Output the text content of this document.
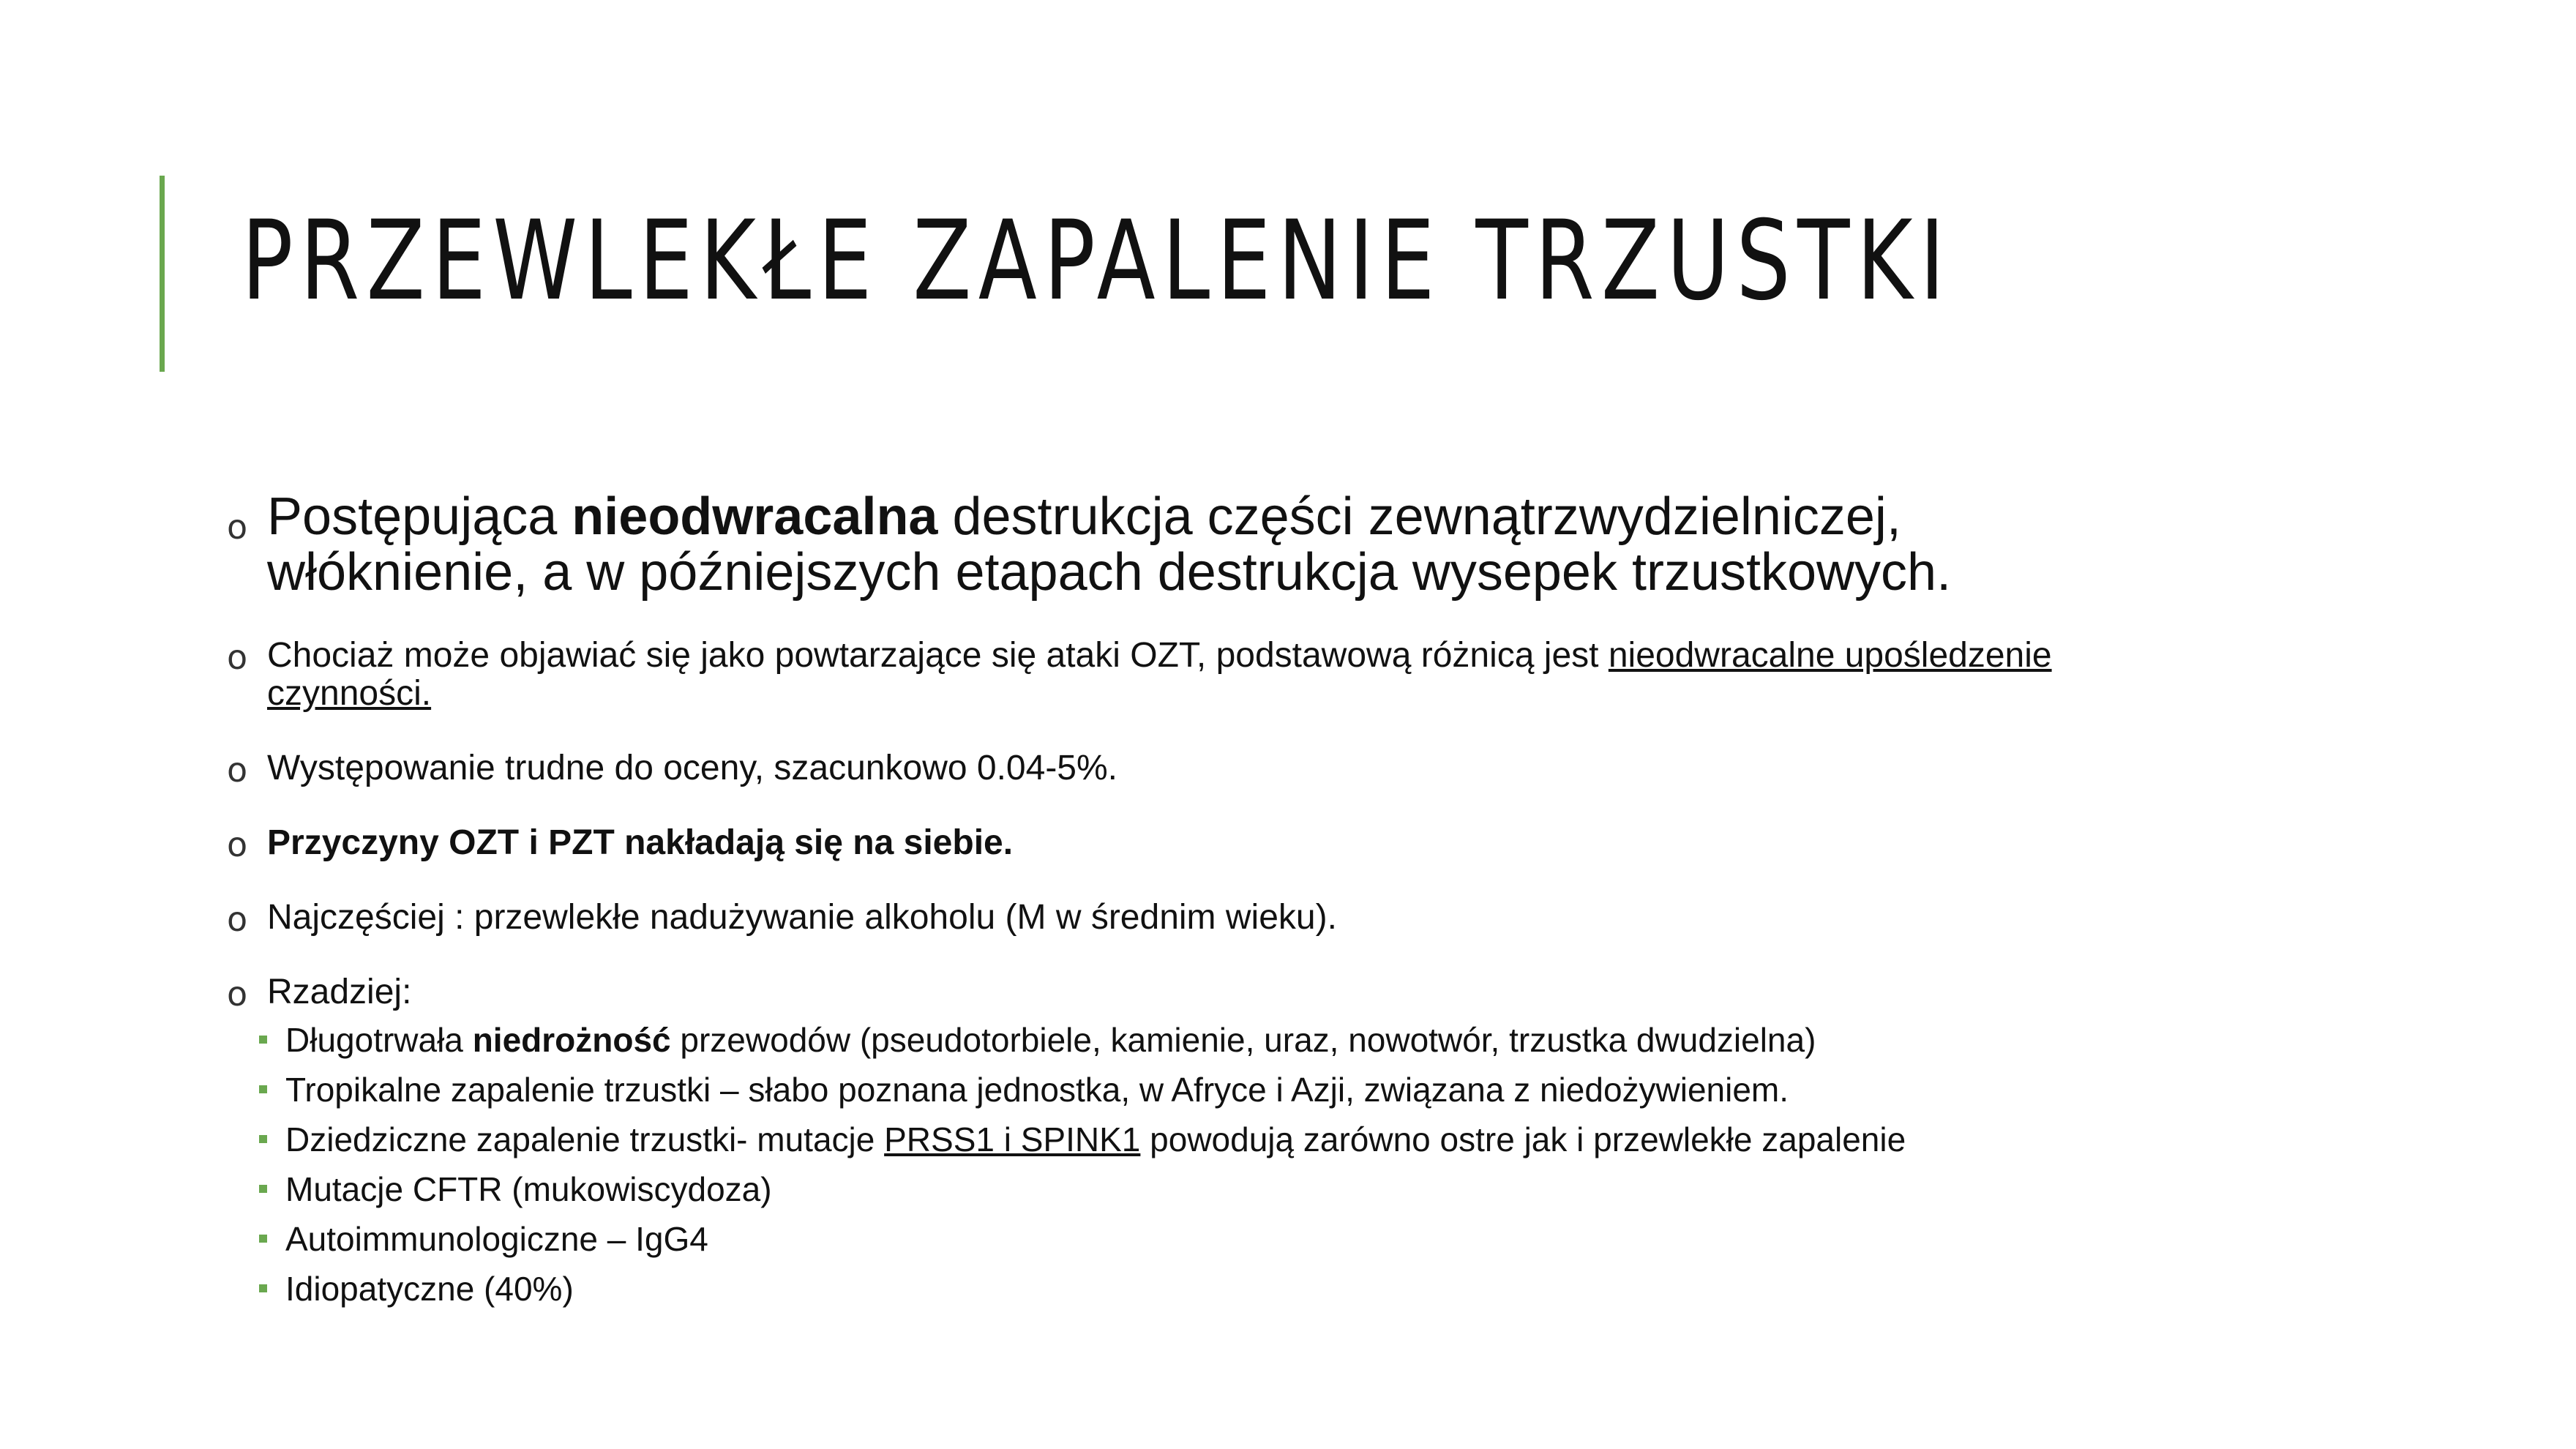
PRZEWLEKŁE ZAPALENIE TRZUSTKI

o Postępująca nieodwracalna destrukcja części zewnątrzwydzielniczej,
włóknienie, a w późniejszych etapach destrukcja wysepek trzustkowych.

o Chociaż może objawiać się jako powtarzające się ataki OZT, podstawową różnicą jest nieodwracalne upośledzenie
czynności.

o Występowanie trudne do oceny, szacunkowo 0.04-5%.

o Przyczyny OZT i PZT nakładają się na siebie.

o Najczęściej : przewlekłe nadużywanie alkoholu (M w średnim wieku).

o Rzadziej:

Długotrwała niedrożność przewodów (pseudotorbiele, kamienie, uraz, nowotwór, trzustka dwudzielna)
Tropikalne zapalenie trzustki – słabo poznana jednostka, w Afryce i Azji, związana z niedożywieniem.
Dziedziczne zapalenie trzustki- mutacje PRSS1 i SPINK1 powodują zarówno ostre jak i przewlekłe zapalenie
Mutacje CFTR (mukowiscydoza)
Autoimmunologiczne – IgG4
Idiopatyczne (40%)
